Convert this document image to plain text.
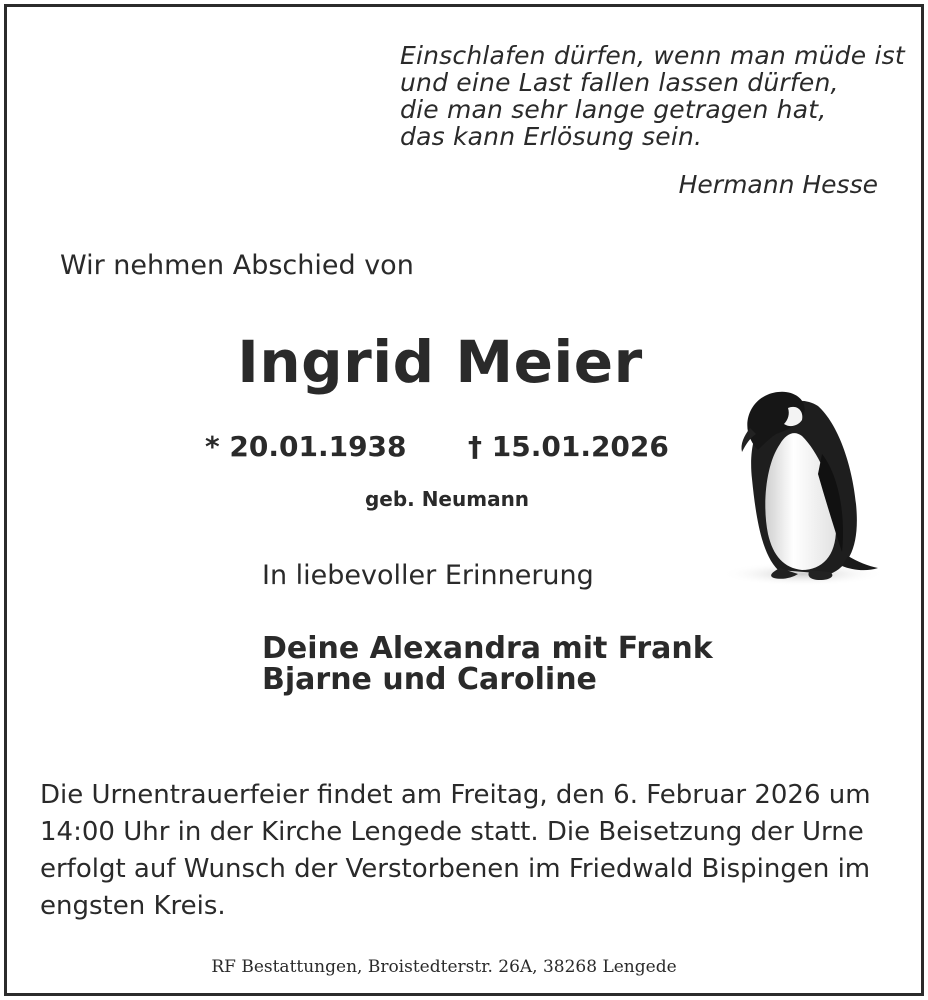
Einschlafen dürfen, wenn man müde ist
und eine Last fallen lassen dürfen,
die man sehr lange getragen hat,
das kann Erlösung sein.
Hermann Hesse
Wir nehmen Abschied von
Ingrid Meier
* 20.01.1938 † 15.01.2026
geb. Neumann
In liebevoller Erinnerung
Deine Alexandra mit Frank
Bjarne und Caroline
Die Urnentrauerfeier findet am Freitag, den 6. Februar 2026 um 14:00 Uhr in der Kirche Lengede statt. Die Beisetzung der Urne erfolgt auf Wunsch der Verstorbenen im Friedwald Bispingen im engsten Kreis.
RF Bestattungen, Broistedterstr. 26A, 38268 Lengede
